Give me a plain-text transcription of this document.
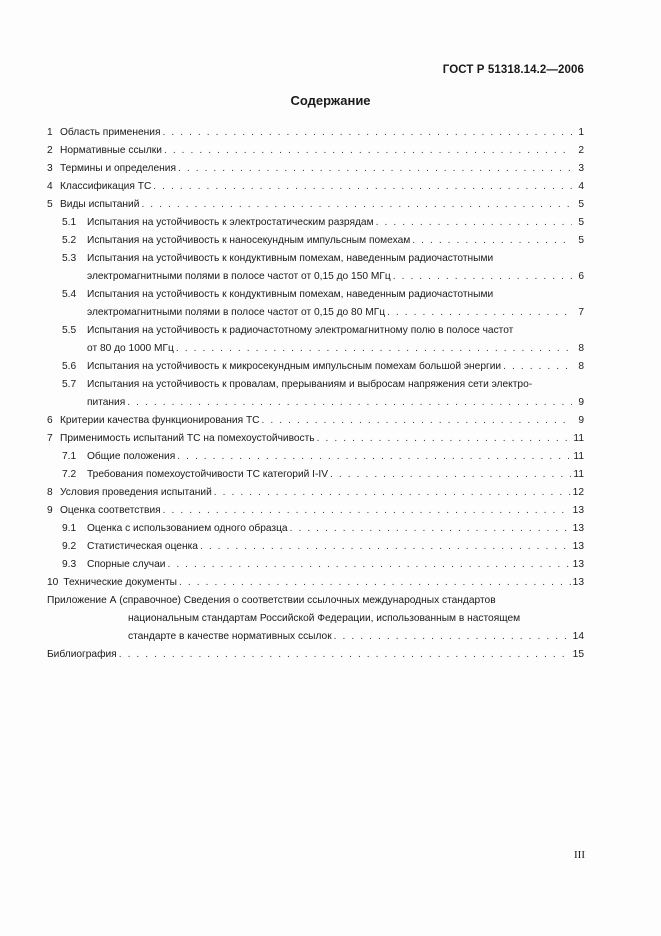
ГОСТ Р 51318.14.2—2006
Содержание
1 Область применения . . .	1
2 Нормативные ссылки . . .	2
3 Термины и определения . . .	3
4 Классификация ТС . . .	4
5 Виды испытаний . . .	5
5.1	Испытания на устойчивость к электростатическим разрядам . . .	5
5.2	Испытания на устойчивость к наносекундным импульсным помехам . . .	5
5.3	Испытания на устойчивость к кондуктивным помехам, наведенным радиочастотными
электромагнитными полями в полосе частот от 0,15 до 150 МГц . . .	6
5.4	Испытания на устойчивость к кондуктивным помехам, наведенным радиочастотными
электромагнитными полями в полосе частот от 0,15 до 80 МГц . . .	7
5.5	Испытания на устойчивость к радиочастотному электромагнитному полю в полосе частот
от 80 до 1000 МГц . . .	8
5.6	Испытания на устойчивость к микросекундным импульсным помехам большой энергии . . .	8
5.7	Испытания на устойчивость к провалам, прерываниям и выбросам напряжения сети электро-
питания . . .	9
6 Критерии качества функционирования ТС . . .	9
7 Применимость испытаний ТС на помехоустойчивость . . .	11
7.1	Общие положения . . .	11
7.2	Требования помехоустойчивости ТС категорий I-IV . . .	11
8 Условия проведения испытаний . . .	12
9 Оценка соответствия . . .	13
9.1	Оценка с использованием одного образца . . .	13
9.2	Статистическая оценка . . .	13
9.3	Спорные случаи . . .	13
10 Технические документы . . .	13
Приложение А (справочное) Сведения о соответствии ссылочных международных стандартов
национальным стандартам Российской Федерации, использованным в настоящем
стандарте в качестве нормативных ссылок . . .	14
Библиография . . .	15
III
